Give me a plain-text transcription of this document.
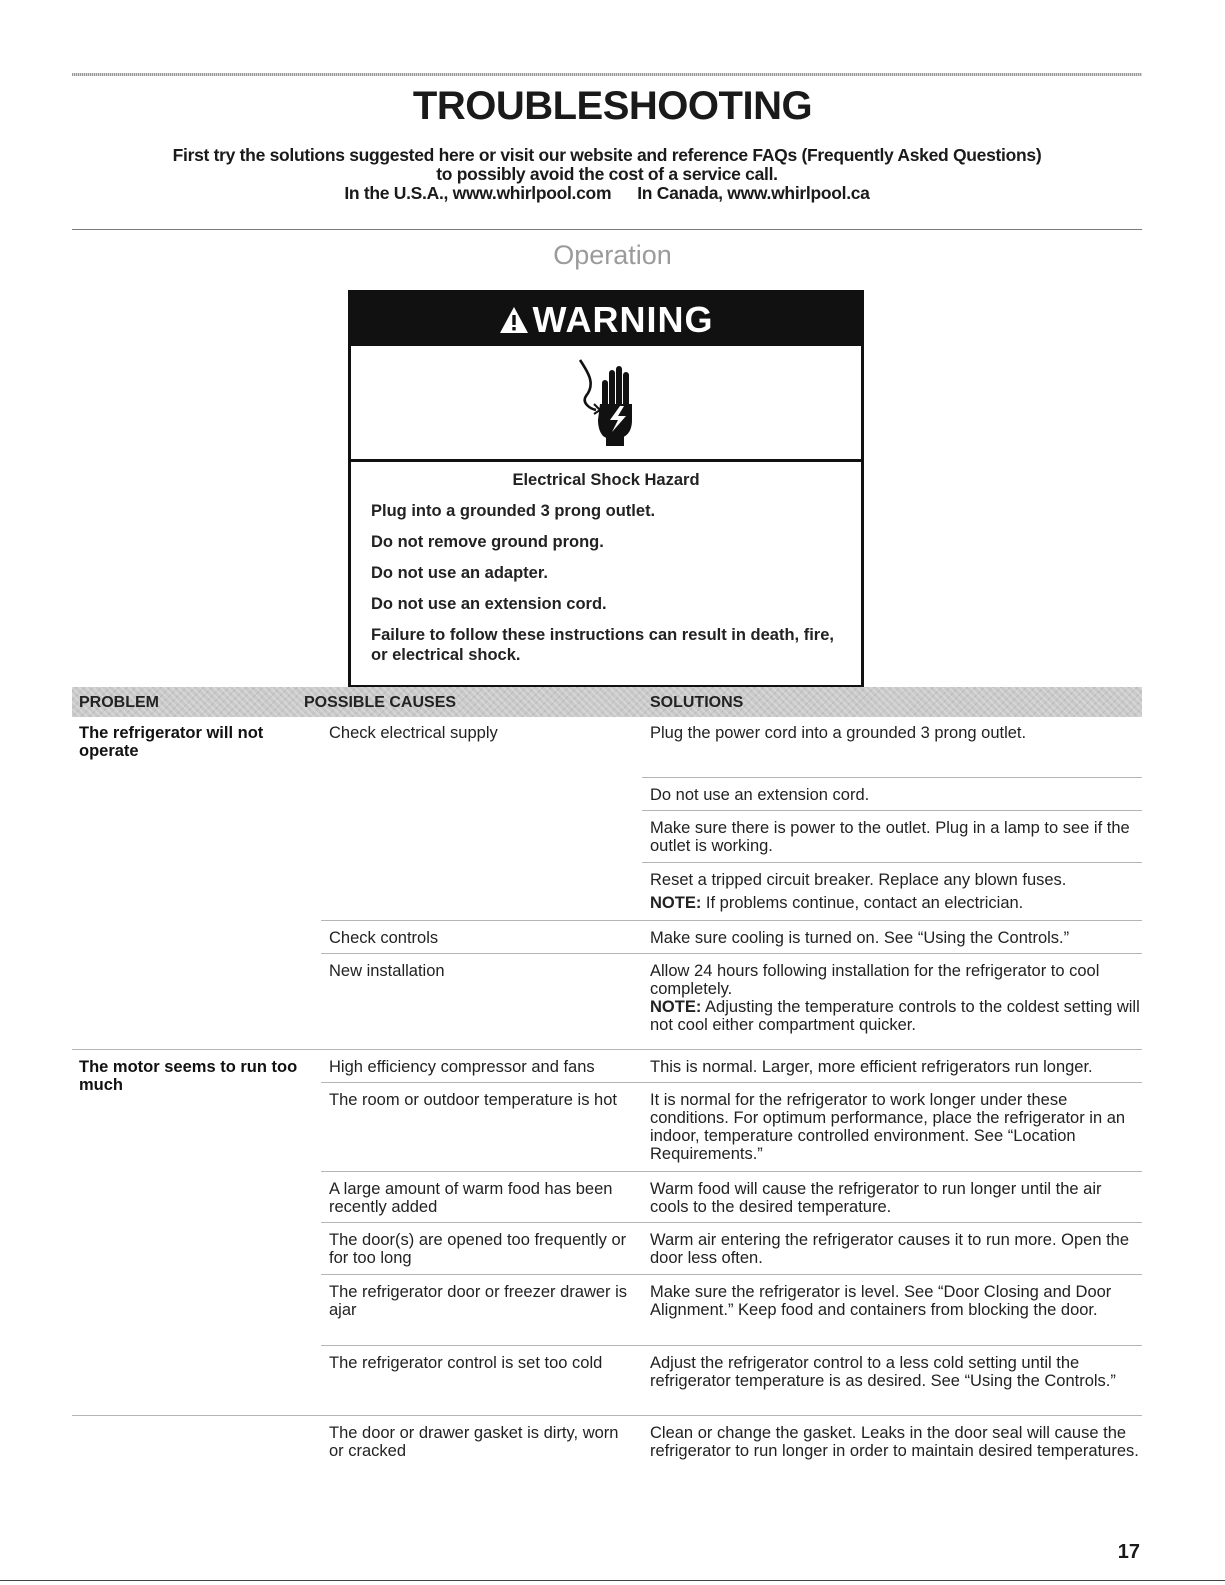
TROUBLESHOOTING
First try the solutions suggested here or visit our website and reference FAQs (Frequently Asked Questions)
to possibly avoid the cost of a service call.
In the U.S.A., www.whirlpool.com In Canada, www.whirlpool.ca
Operation
WARNING
Electrical Shock Hazard

Plug into a grounded 3 prong outlet.

Do not remove ground prong.

Do not use an adapter.

Do not use an extension cord.

Failure to follow these instructions can result in death, fire, or electrical shock.

PROBLEM	POSSIBLE CAUSES	SOLUTIONS
The refrigerator will not operate
The motor seems to run too much
Check electrical supply
Check controls
New installation
High efficiency compressor and fans
The room or outdoor temperature is hot
A large amount of warm food has been recently added
The door(s) are opened too frequently or for too long
The refrigerator door or freezer drawer is ajar
The refrigerator control is set too cold
The door or drawer gasket is dirty, worn or cracked
Plug the power cord into a grounded 3 prong outlet.
Do not use an extension cord.
Make sure there is power to the outlet. Plug in a lamp to see if the outlet is working.
Reset a tripped circuit breaker. Replace any blown fuses.
NOTE: If problems continue, contact an electrician.
Make sure cooling is turned on. See “Using the Controls.”
Allow 24 hours following installation for the refrigerator to cool completely.
NOTE: Adjusting the temperature controls to the coldest setting will not cool either compartment quicker.
This is normal. Larger, more efficient refrigerators run longer.
It is normal for the refrigerator to work longer under these conditions. For optimum performance, place the refrigerator in an indoor, temperature controlled environment. See “Location Requirements.”
Warm food will cause the refrigerator to run longer until the air cools to the desired temperature.
Warm air entering the refrigerator causes it to run more. Open the door less often.
Make sure the refrigerator is level. See “Door Closing and Door Alignment.” Keep food and containers from blocking the door.
Adjust the refrigerator control to a less cold setting until the refrigerator temperature is as desired. See “Using the Controls.”
Clean or change the gasket. Leaks in the door seal will cause the refrigerator to run longer in order to maintain desired temperatures.
17
